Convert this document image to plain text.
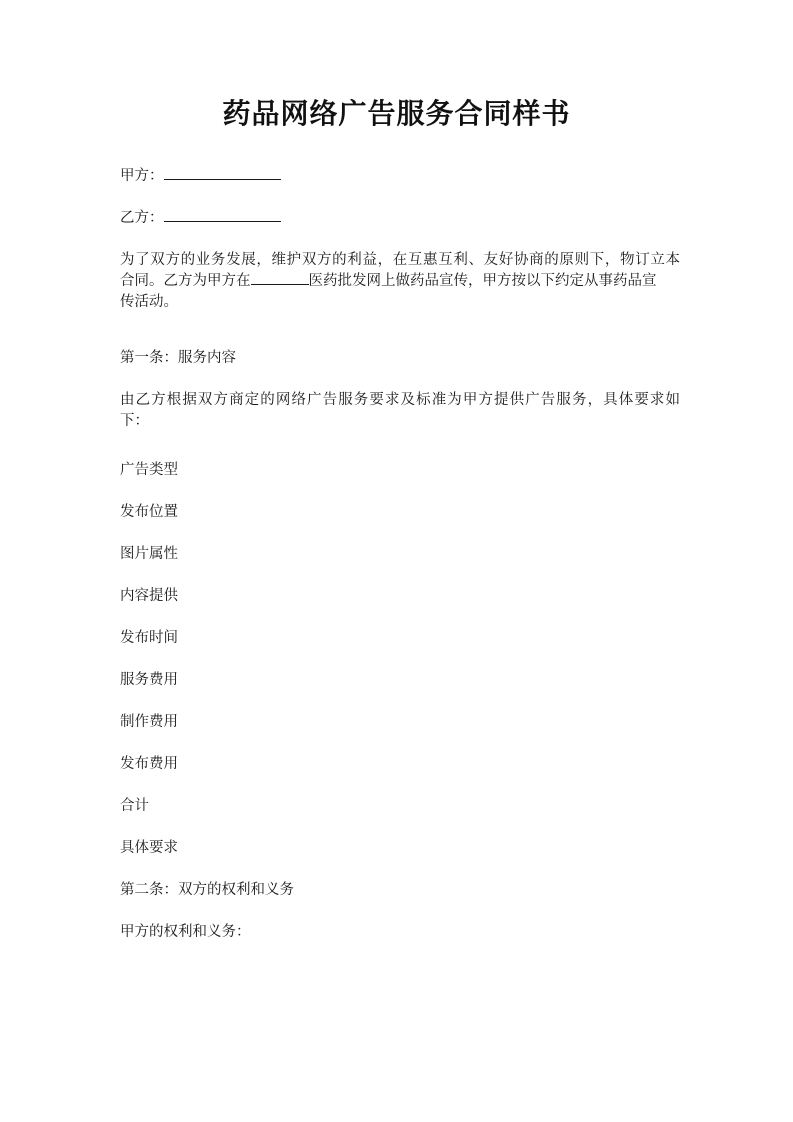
药品网络广告服务合同样书
甲方：
乙方：
为了双方的业务发展，维护双方的利益，在互惠互利、友好协商的原则下，物订立本
合同。乙方为甲方在	医药批发网上做药品宣传，甲方按以下约定从事药品宣
传活动。
第一条：服务内容
由乙方根据双方商定的网络广告服务要求及标准为甲方提供广告服务，具体要求如
下：
广告类型
发布位置
图片属性
内容提供
发布时间
服务费用
制作费用
发布费用
合计
具体要求
第二条：双方的权利和义务
甲方的权利和义务：
